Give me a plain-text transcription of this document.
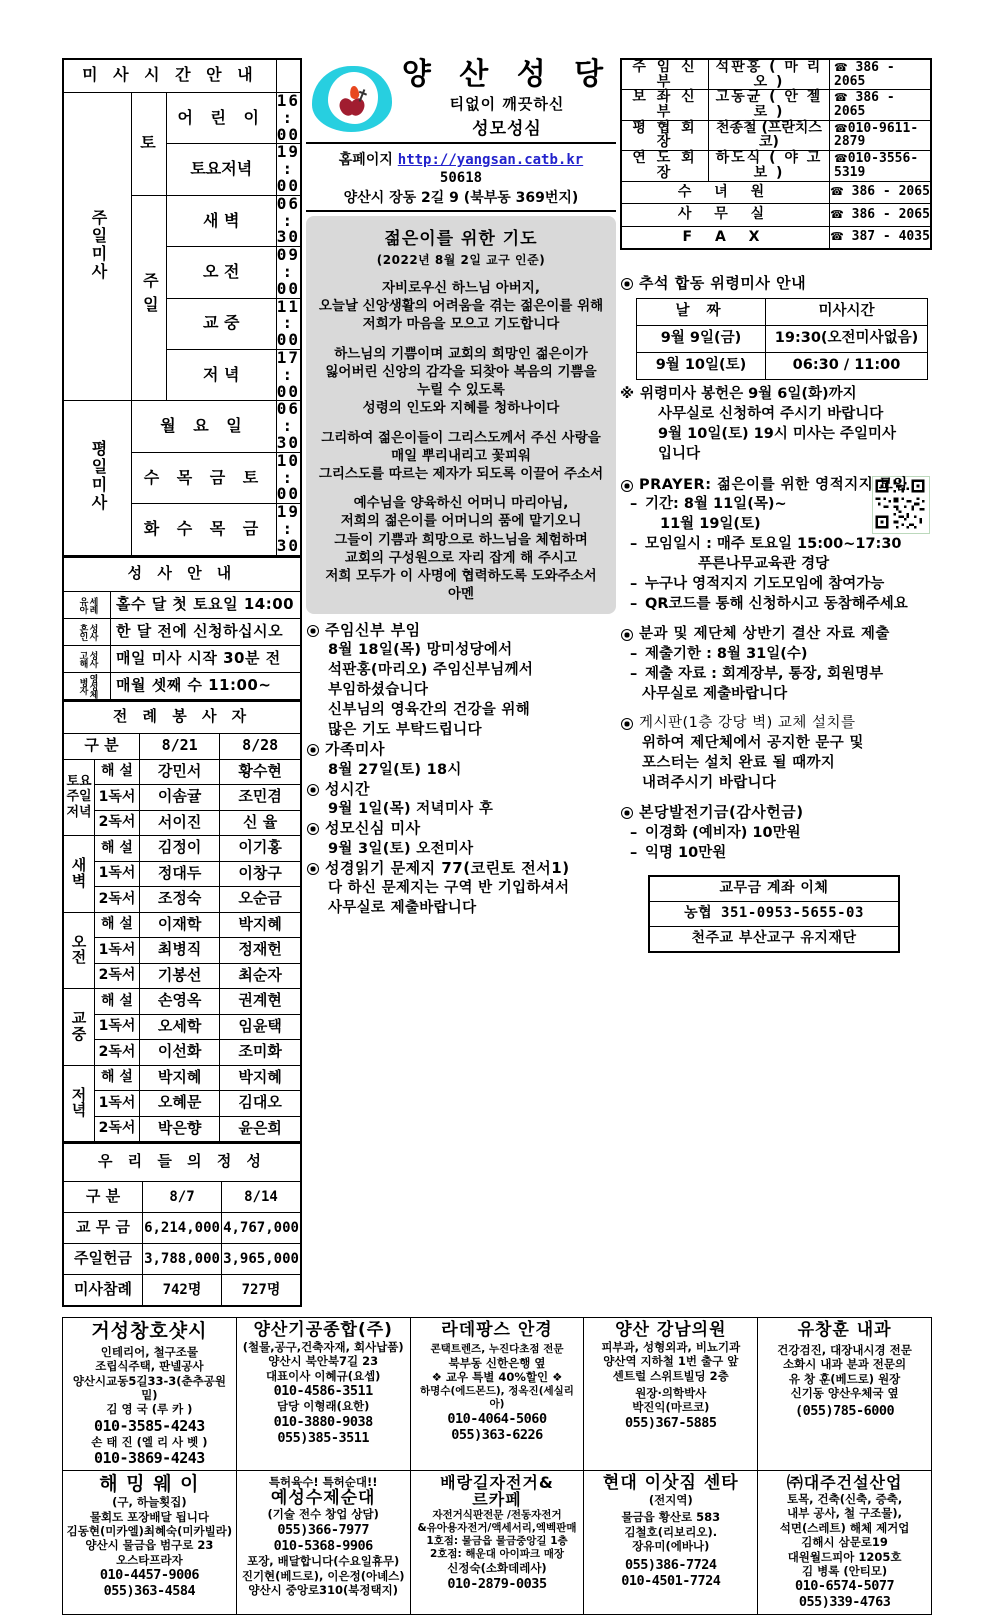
미 사 시 간 안 내			
주일미사	토	어 린 이	16 : 00
		토요저녁	19 : 00
	주일	새 벽	06 : 30
		오 전	09 : 00
		교 중	11 : 00
		저 녁	17 : 00
평일미사	월 요 일		06 : 30
	수 목 금 토		10 : 00
	화 수 목 금		19 : 30
성 사 안 내	

유아 세례	홀수 달 첫 토요일 14:00

혼인 성사	한 달 전에 신청하십시오

고해 성사	매일 미사 시작 30분 전

병자 영성체	매월 셋째 수 11:00~
전 례 봉 사 자			
구 분		8/21	8/28
토요
주일
저녁	해 설	강민서	황수현
	1독서	이솜귤	조민겸
	2독서	서이진	신 율
새
벽	해 설	김정이	이기홍
	1독서	정대두	이창구
	2독서	조정숙	오순금
오
전	해 설	이재학	박지혜
	1독서	최병직	정재헌
	2독서	기봉선	최순자
교
중	해 설	손영옥	권계현
	1독서	오세학	임윤택
	2독서	이선화	조미화
저
녁	해 설	박지혜	박지혜
	1독서	오혜문	김대오
	2독서	박은향	윤은희
우 리 들 의 정 성		
구 분	8/7	8/14
교 무 금	6,214,000	4,767,000
주일헌금	3,788,000	3,965,000
미사참례	742명	727명
양 산 성 당
티없이 깨끗하신
성모성심
홈페이지 http://yangsan.catb.kr
50618
양산시 장동 2길 9 (북부동 369번지)
젊은이를 위한 기도
(2022년 8월 2일 교구 인준)

자비로우신 하느님 아버지,

오늘날 신앙생활의 어려움을 겪는 젊은이를 위해

저희가 마음을 모으고 기도합니다

하느님의 기쁨이며 교회의 희망인 젊은이가

잃어버린 신앙의 감각을 되찾아 복음의 기쁨을

누릴 수 있도록

성령의 인도와 지혜를 청하나이다

그리하여 젊은이들이 그리스도께서 주신 사랑을

매일 뿌리내리고 꽃피워

그리스도를 따르는 제자가 되도록 이끌어 주소서

예수님을 양육하신 어머니 마리아님,

저희의 젊은이를 어머니의 품에 맡기오니

그들이 기쁨과 희망으로 하느님을 체험하며

교회의 구성원으로 자리 잡게 해 주시고

저희 모두가 이 사명에 협력하도록 도와주소서

아멘

주임신부 부임
8월 18일(목) 망미성당에서
석판홍(마리오) 주임신부님께서
부임하셨습니다
신부님의 영육간의 건강을 위해
많은 기도 부탁드립니다
가족미사
8월 27일(토) 18시
성시간
9월 1일(목) 저녁미사 후
성모신심 미사
9월 3일(토) 오전미사
성경읽기 문제지 77(코린토 전서1)
다 하신 문제지는 구역 반 기입하셔서
사무실로 제출바랍니다
주 임 신 부	석판홍 ( 마 리 오 )	☎ 386 - 2065
보 좌 신 부	고동균 ( 안 젤 로 )	☎ 386 - 2065
평 협 회 장	천종철 (프란치스코)	☎010-9611-2879
연 도 회 장	하도식 ( 야 고 보 )	☎010-3556-5319
수 녀 원		☎ 386 - 2065
사 무 실		☎ 386 - 2065
F A X		☎ 387 - 4035
추석 합동 위령미사 안내
날 짜	미사시간
9월 9일(금)	19:30(오전미사없음)
9월 10일(토)	06:30 / 11:00
※ 위령미사 봉헌은 9월 6일(화)까지
사무실로 신청하여 주시기 바랍니다
9월 10일(토) 19시 미사는 주일미사
입니다
PRAYER: 젊은이를 위한 영적지지 모임
– 기간: 8월 11일(목)~
11월 19일(토)
– 모임일시 : 매주 토요일 15:00~17:30
푸른나무교육관 경당
– 누구나 영적지지 기도모임에 참여가능
– QR코드를 통해 신청하시고 동참해주세요
분과 및 제단체 상반기 결산 자료 제출
– 제출기한 : 8월 31일(수)
– 제출 자료 : 회계장부, 통장, 회원명부
사무실로 제출바랍니다
게시판(1층 강당 벽) 교체 설치를
위하여 제단체에서 공지한 문구 및
포스터는 설치 완료 될 때까지
내려주시기 바랍니다
본당발전기금(감사헌금)
– 이경화 (예비자) 10만원
– 익명 10만원
교무금 계좌 이체
농협 351-0953-5655-03
천주교 부산교구 유지재단
거성창호샷시
인테리어, 철구조물
조립식주택, 판넬공사
양산시교동5길33-3(춘추공원밑)
김 영 국 (루 카 )
010-3585-4243
손 태 진 (엘 리 사 벳 )
010-3869-4243

양산기공종합(주)
(철물,공구,건축자재, 회사납품)
양산시 북안북7길 23
대표이사 이혜규(요셉)
010-4586-3511
담당 이형래(요한)
010-3880-9038
055)385-3511

라데팡스 안경
콘택트렌즈, 누진다초점 전문
북부동 신한은행 옆
❖ 교우 특별 40%할인 ❖
하명수(에드몬드), 정옥진(세실리아)
010-4064-5060
055)363-6226

양산 강남의원
피부과, 성형외과, 비뇨기과
양산역 지하철 1번 출구 앞
센트럴 스위트빌딩 2층
원장·의학박사
박진익(마르코)
055)367-5885

유창훈 내과
건강검진, 대장내시경 전문
소화시 내과 분과 전문의
유 창 훈(베드로) 원장
신기동 양산우체국 옆
(055)785-6000

해 밍 웨 이
(구, 하늘횟집)
물회도 포장배달 됩니다
김동현(미카엘)최혜숙(미카빌라)
양산시 물금읍 범구로 23
오스타프라자
010-4457-9006
055)363-4584

특허육수! 특허순대!!
예성수제순대
(기술 전수 창업 상담)
055)366-7977
010-5368-9906
포장, 배달합니다(수요일휴무)
진기현(베드로), 이은정(아녜스)
양산시 중앙로310(북정택지)

배랑길자전거&
르카페
자전거식판전문 /전동자전거
&유아용자전거/액세서리,엑벡판매
1호점: 물금읍 물금중앙길 1층
2호점: 해운대 아이파크 매장
신정숙(소화데레사)
010-2879-0035

현대 이삿짐 센타
(전지역)
물금읍 황산로 583
김철호(리보리오).
장유미(에바나)
055)386-7724
010-4501-7724

㈜대주건설산업
토목, 건축(신축, 증축,
내부 공사, 철 구조물),
석면(스레트) 해체 제거업
김해시 삼문로19
대원월드피아 1205호
김 병록 (안티모)
010-6574-5077
055)339-4763
